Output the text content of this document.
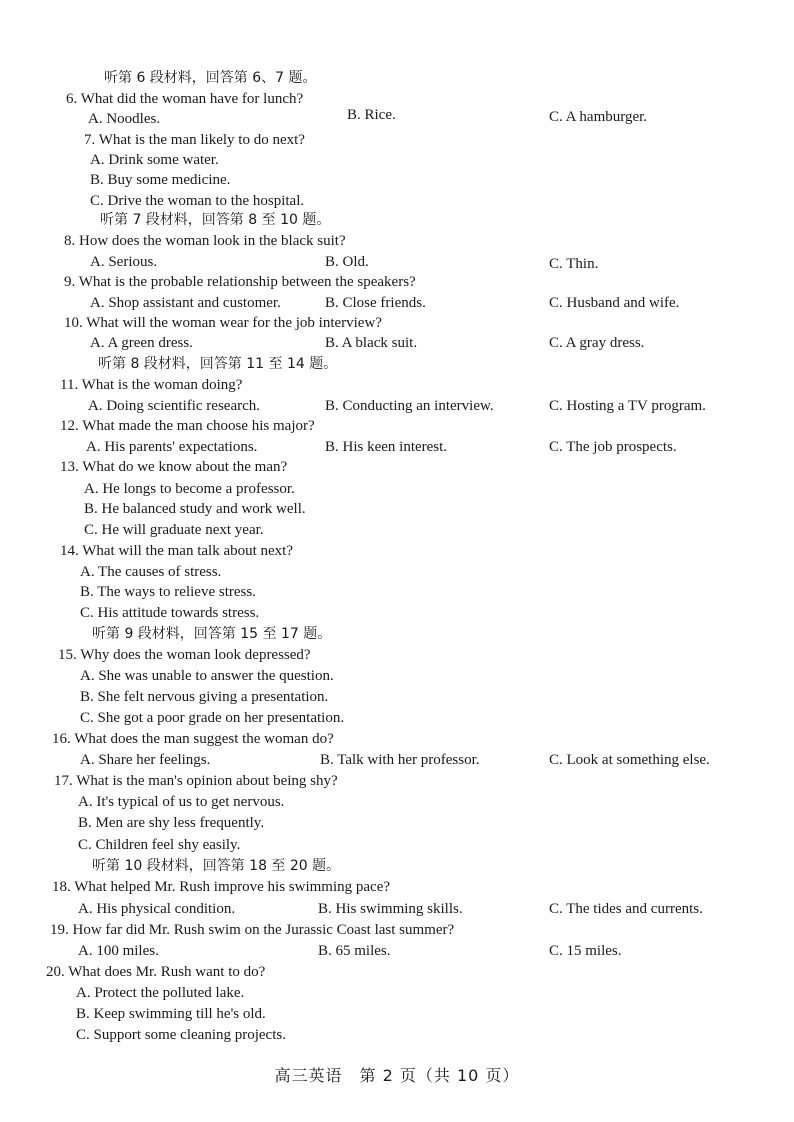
听第 6 段材料，回答第 6、7 题。
6. What did the woman have for lunch?
A. Noodles.	B. Rice.	C. A hamburger.
7. What is the man likely to do next?
A. Drink some water.
B. Buy some medicine.
C. Drive the woman to the hospital.
听第 7 段材料，回答第 8 至 10 题。
8. How does the woman look in the black suit?
A. Serious.	B. Old.	C. Thin.
9. What is the probable relationship between the speakers?
A. Shop assistant and customer.	B. Close friends.	C. Husband and wife.
10. What will the woman wear for the job interview?
A. A green dress.	B. A black suit.	C. A gray dress.
听第 8 段材料，回答第 11 至 14 题。
11. What is the woman doing?
A. Doing scientific research.	B. Conducting an interview.	C. Hosting a TV program.
12. What made the man choose his major?
A. His parents' expectations.	B. His keen interest.	C. The job prospects.
13. What do we know about the man?
A. He longs to become a professor.
B. He balanced study and work well.
C. He will graduate next year.
14. What will the man talk about next?
A. The causes of stress.
B. The ways to relieve stress.
C. His attitude towards stress.
听第 9 段材料，回答第 15 至 17 题。
15. Why does the woman look depressed?
A. She was unable to answer the question.
B. She felt nervous giving a presentation.
C. She got a poor grade on her presentation.
16. What does the man suggest the woman do?
A. Share her feelings.	B. Talk with her professor.	C. Look at something else.
17. What is the man's opinion about being shy?
A. It's typical of us to get nervous.
B. Men are shy less frequently.
C. Children feel shy easily.
听第 10 段材料，回答第 18 至 20 题。
18. What helped Mr. Rush improve his swimming pace?
A. His physical condition.	B. His swimming skills.	C. The tides and currents.
19. How far did Mr. Rush swim on the Jurassic Coast last summer?
A. 100 miles.	B. 65 miles.	C. 15 miles.
20. What does Mr. Rush want to do?
A. Protect the polluted lake.
B. Keep swimming till he's old.
C. Support some cleaning projects.
高三英语　第 2 页（共 10 页）
